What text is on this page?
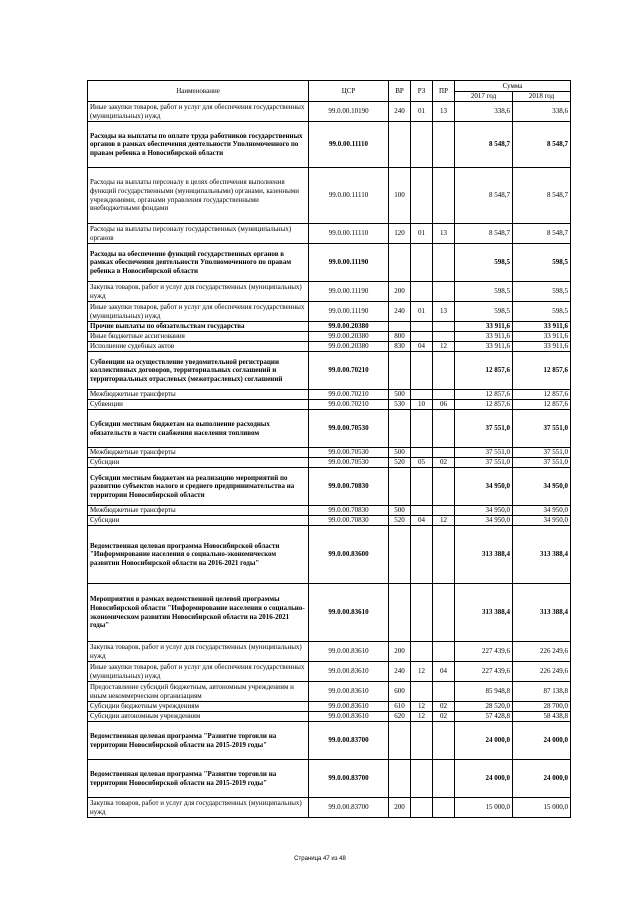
Наименование	ЦСР	ВР	РЗ	ПР	Сумма	
					2017 год	2018 год
Иные закупки товаров, работ и услуг для обеспечения государственных (муниципальных) нужд	99.0.00.10190	240	01	13	338,6	338,6
Расходы на выплаты по оплате труда работников государственных органов в рамках обеспечения деятельности Уполномоченного по правам ребенка в Новосибирской области	99.0.00.11110				8 548,7	8 548,7
Расходы на выплаты персоналу в целях обеспечения выполнения функций государственными (муниципальными) органами, казенными учреждениями, органами управления государственными внебюджетными фондами	99.0.00.11110	100			8 548,7	8 548,7
Расходы на выплаты персоналу государственных (муниципальных) органов	99.0.00.11110	120	01	13	8 548,7	8 548,7
Расходы на обеспечение функций государственных органов в рамках обеспечения деятельности Уполномоченного по правам ребенка в Новосибирской области	99.0.00.11190				598,5	598,5
Закупка товаров, работ и услуг для государственных (муниципальных) нужд	99.0.00.11190	200			598,5	598,5
Иные закупки товаров, работ и услуг для обеспечения государственных (муниципальных) нужд	99.0.00.11190	240	01	13	598,5	598,5
Прочие выплаты по обязательствам государства	99.0.00.20380				33 911,6	33 911,6
Иные бюджетные ассигнования	99.0.00.20380	800			33 911,6	33 911,6
Исполнение судебных актов	99.0.00.20380	830	04	12	33 911,6	33 911,6
Субвенции на осуществление уведомительной регистрации коллективных договоров, территориальных соглашений и территориальных отраслевых (межотраслевых) соглашений	99.0.00.70210				12 857,6	12 857,6
Межбюджетные трансферты	99.0.00.70210	500			12 857,6	12 857,6
Субвенции	99.0.00.70210	530	10	06	12 857,6	12 857,6
Субсидии местным бюджетам на выполнение расходных обязательств в части снабжения населения топливом	99.0.00.70530				37 551,0	37 551,0
Межбюджетные трансферты	99.0.00.70530	500			37 551,0	37 551,0
Субсидии	99.0.00.70530	520	05	02	37 551,0	37 551,0
Субсидии местным бюджетам на реализацию мероприятий по развитию субъектов малого и среднего предпринимательства на территории Новосибирской области	99.0.00.70830				34 950,0	34 950,0
Межбюджетные трансферты	99.0.00.70830	500			34 950,0	34 950,0
Субсидии	99.0.00.70830	520	04	12	34 950,0	34 950,0
Ведомственная целевая программа Новосибирской области "Информирование населения о социально-экономическом развитии Новосибирской области на 2016-2021 годы"	99.0.00.83600				313 388,4	313 388,4
Мероприятия в рамках ведомственной целевой программы Новосибирской области "Информирование населения о социально-экономическом развитии Новосибирской области на 2016-2021 годы"	99.0.00.83610				313 388,4	313 388,4
Закупка товаров, работ и услуг для государственных (муниципальных) нужд	99.0.00.83610	200			227 439,6	226 249,6
Иные закупки товаров, работ и услуг для обеспечения государственных (муниципальных) нужд	99.0.00.83610	240	12	04	227 439,6	226 249,6
Предоставление субсидий бюджетным, автономным учреждениям и иным некоммерческим организациям	99.0.00.83610	600			85 948,8	87 138,8
Субсидии бюджетным учреждениям	99.0.00.83610	610	12	02	28 520,0	28 700,0
Субсидии автономным учреждениям	99.0.00.83610	620	12	02	57 428,8	58 438,8
Ведомственная целевая программа "Развитие торговли на территории Новосибирской области на 2015-2019 годы"	99.0.00.83700				24 000,0	24 000,0
Ведомственная целевая программа "Развитие торговли на территории Новосибирской области на 2015-2019 годы"	99.0.00.83700				24 000,0	24 000,0
Закупка товаров, работ и услуг для государственных (муниципальных) нужд	99.0.00.83700	200			15 000,0	15 000,0
Страница 47 из 48
